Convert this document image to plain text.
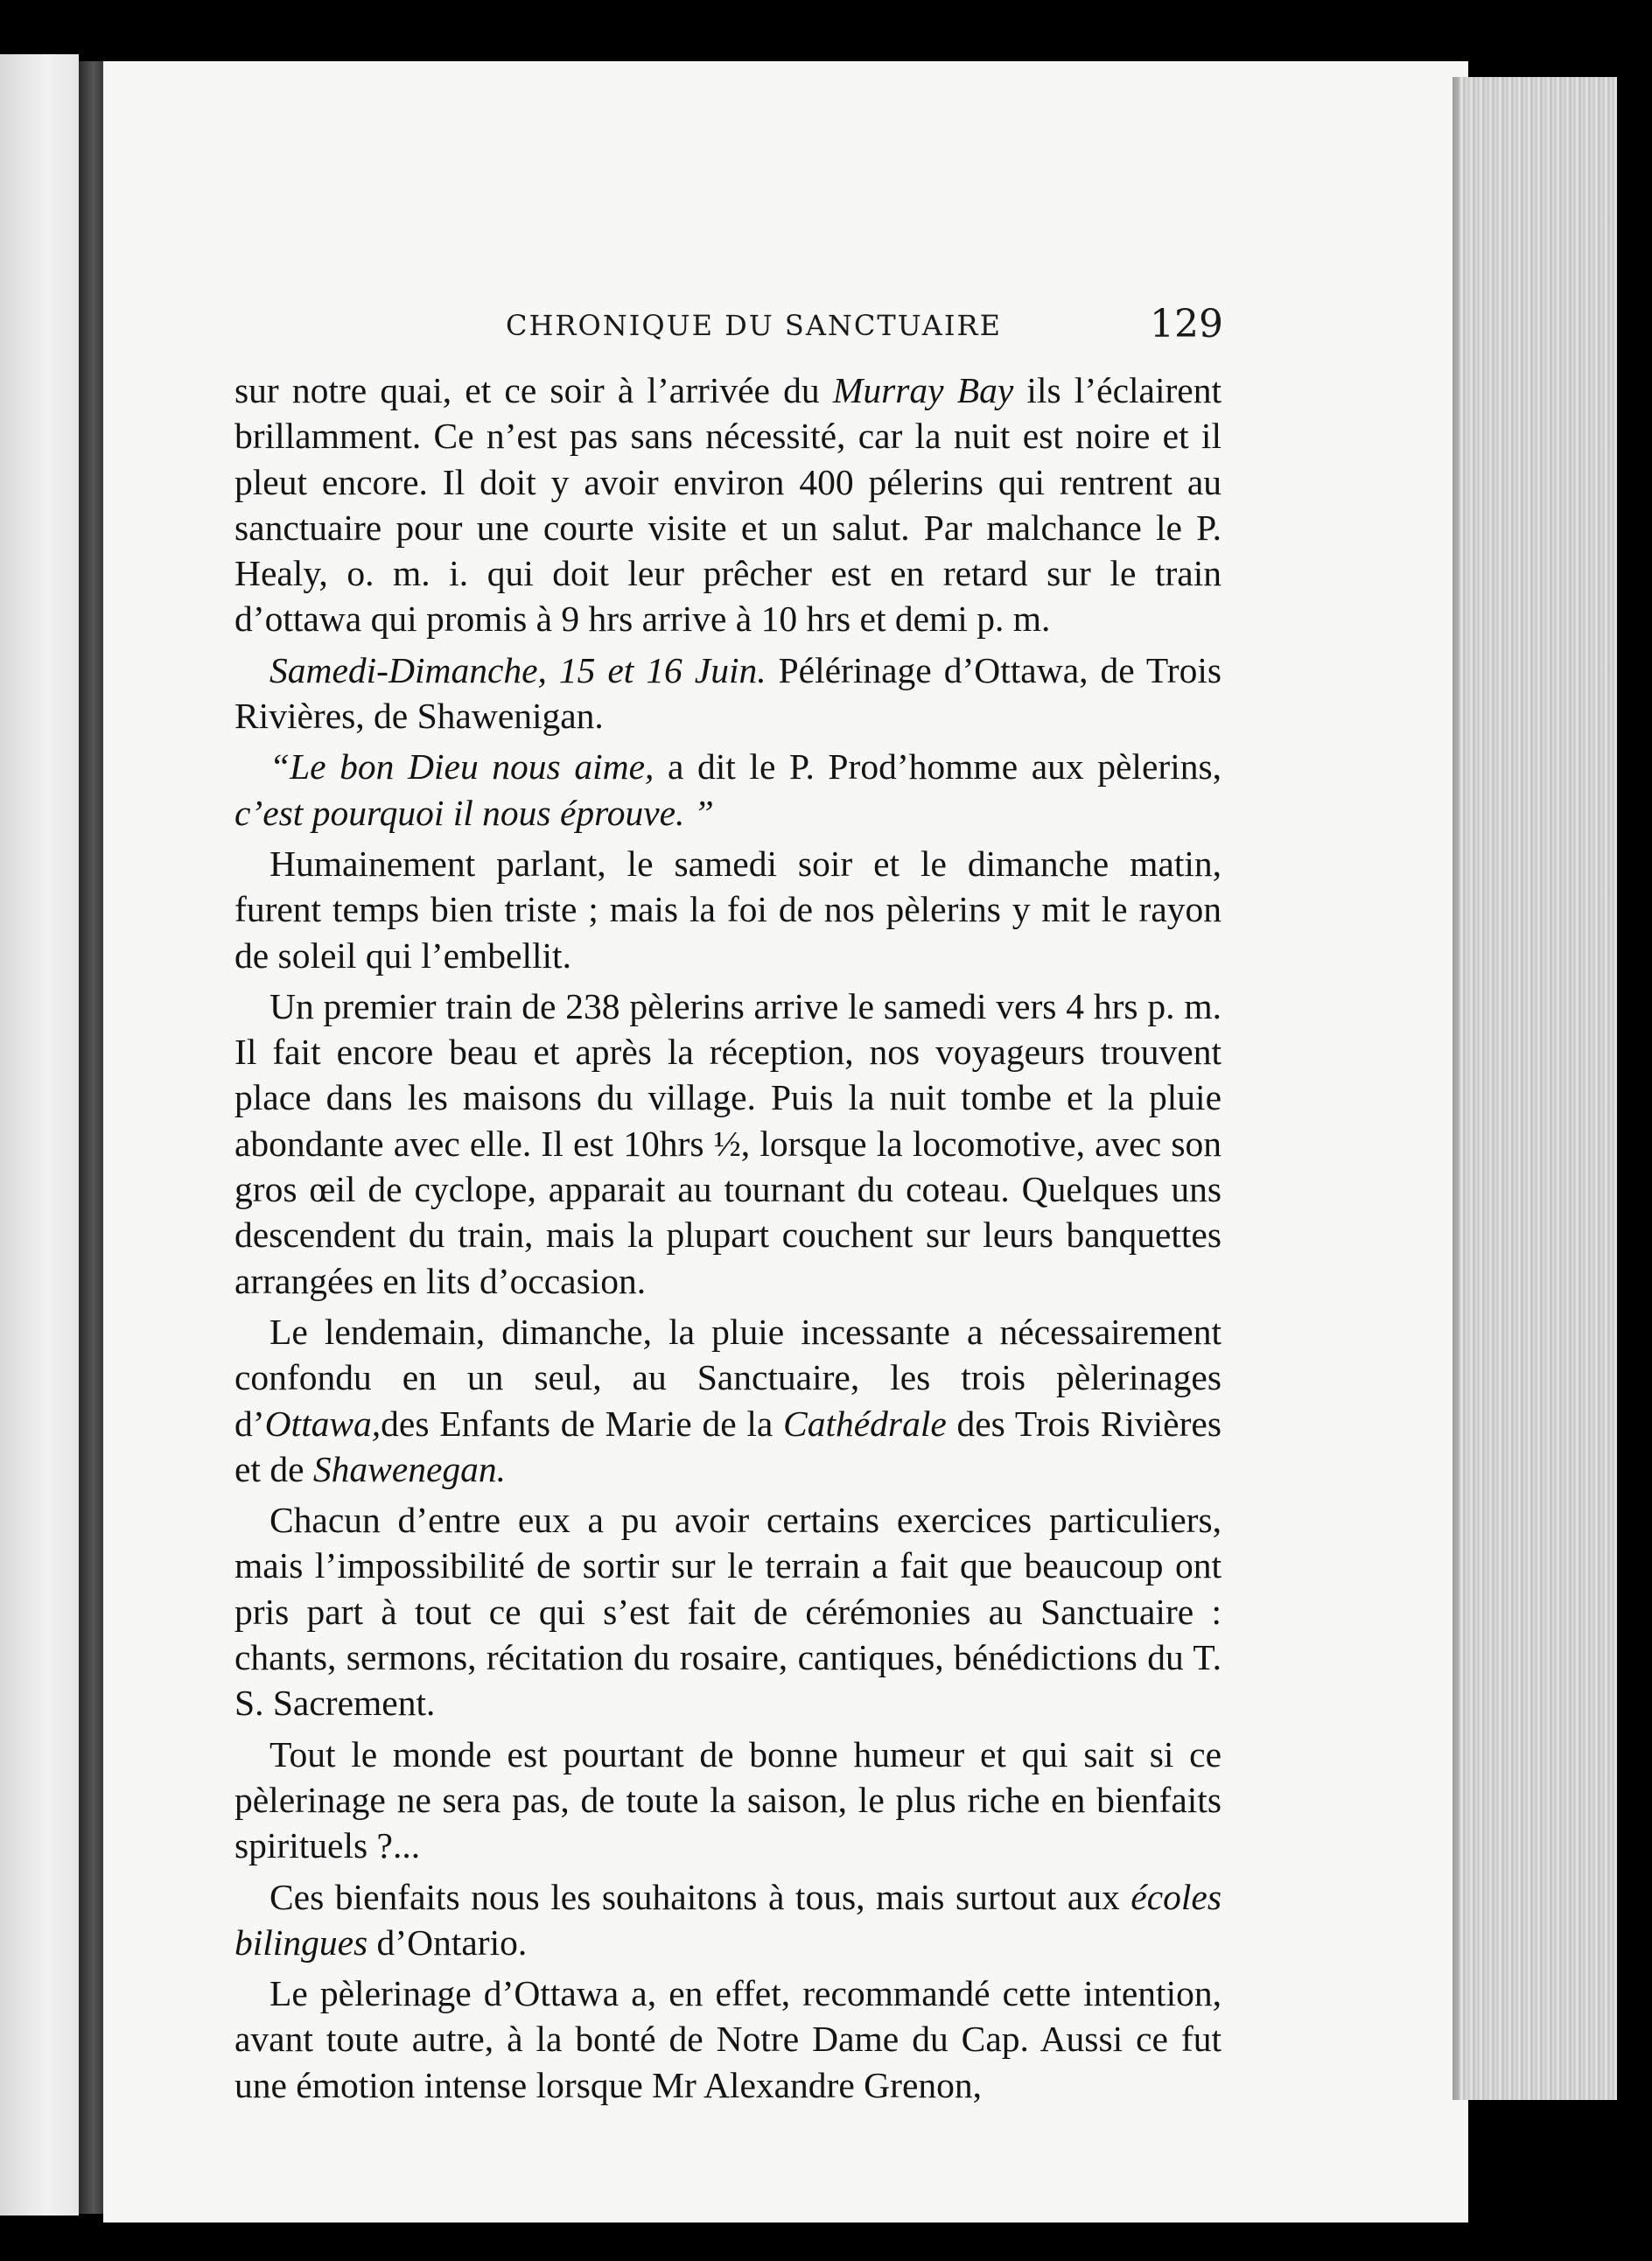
CHRONIQUE DU SANCTUAIRE	129

sur notre quai, et ce soir à l’arrivée du Murray Bay ils l’éclairent brillamment. Ce n’est pas sans nécessité, car la nuit est noire et il pleut encore. Il doit y avoir environ 400 pélerins qui rentrent au sanctuaire pour une courte visite et un salut. Par malchance le P. Healy, o. m. i. qui doit leur prêcher est en retard sur le train d’ottawa qui promis à 9 hrs arrive à 10 hrs et demi p. m.

Samedi-Dimanche, 15 et 16 Juin. Pélérinage d’Ottawa, de Trois Rivières, de Shawenigan.

“Le bon Dieu nous aime, a dit le P. Prod’homme aux pèlerins, c’est pourquoi il nous éprouve. ”

Humainement parlant, le samedi soir et le dimanche matin, furent temps bien triste ; mais la foi de nos pèlerins y mit le rayon de soleil qui l’embellit.

Un premier train de 238 pèlerins arrive le samedi vers 4 hrs p. m. Il fait encore beau et après la réception, nos voyageurs trouvent place dans les maisons du village. Puis la nuit tombe et la pluie abondante avec elle. Il est 10hrs ½, lorsque la locomotive, avec son gros œil de cyclope, apparait au tournant du coteau. Quelques uns descendent du train, mais la plupart couchent sur leurs banquettes arrangées en lits d’occasion.

Le lendemain, dimanche, la pluie incessante a nécessairement confondu en un seul, au Sanctuaire, les trois pèlerinages d’Ottawa,des Enfants de Marie de la Cathédrale des Trois Rivières et de Shawenegan.

Chacun d’entre eux a pu avoir certains exercices particuliers, mais l’impossibilité de sortir sur le terrain a fait que beaucoup ont pris part à tout ce qui s’est fait de cérémonies au Sanctuaire : chants, sermons, récitation du rosaire, cantiques, bénédictions du T. S. Sacrement.

Tout le monde est pourtant de bonne humeur et qui sait si ce pèlerinage ne sera pas, de toute la saison, le plus riche en bienfaits spirituels ?...

Ces bienfaits nous les souhaitons à tous, mais surtout aux écoles bilingues d’Ontario.

Le pèlerinage d’Ottawa a, en effet, recommandé cette intention, avant toute autre, à la bonté de Notre Dame du Cap. Aussi ce fut une émotion intense lorsque Mr Alexandre Grenon,
